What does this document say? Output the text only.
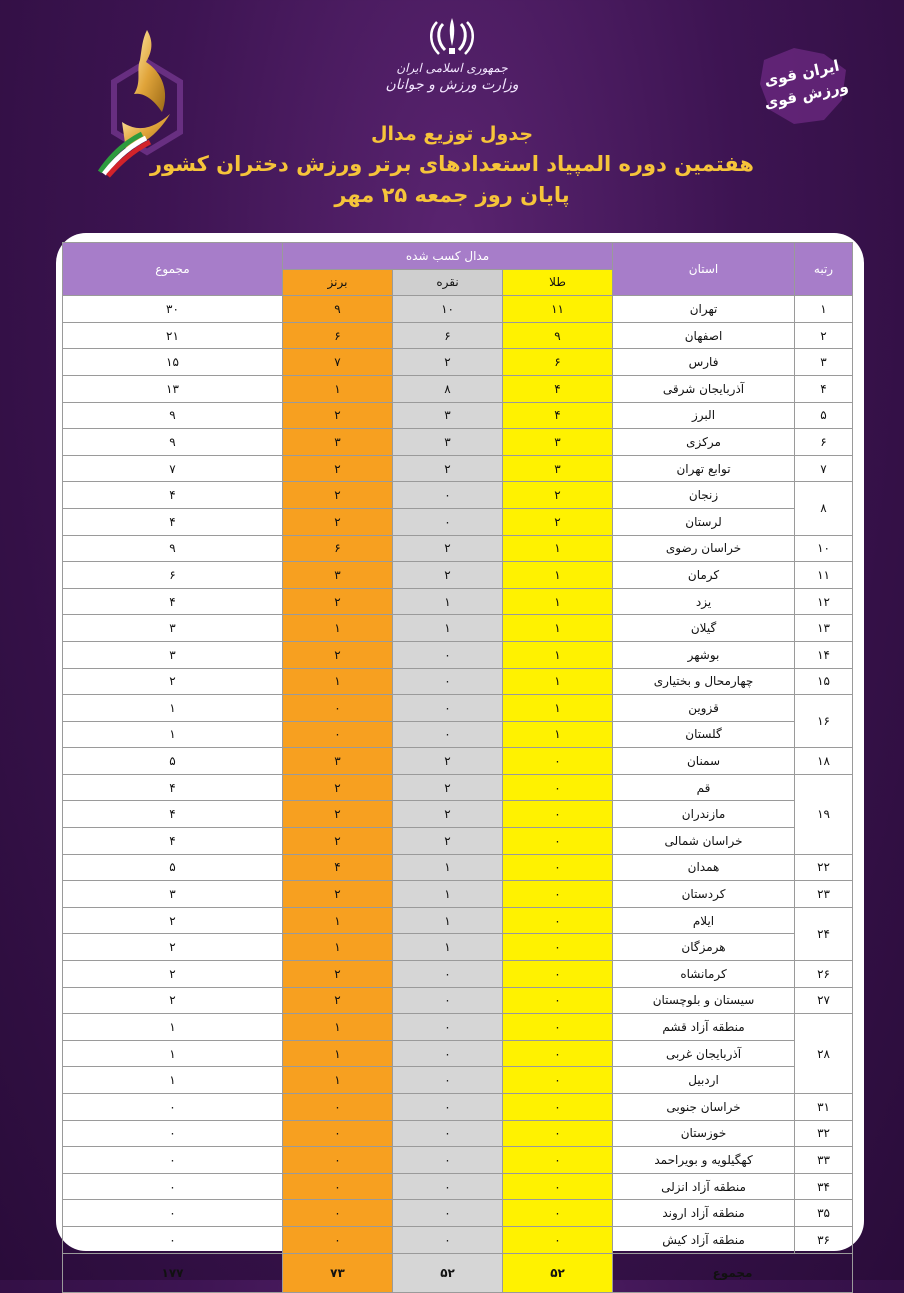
جمهوری اسلامی ایران
وزارت ورزش و جوانان	ایران قوی ورزش قوی
جدول توزیع مدال
هفتمین دوره المپیاد استعدادهای برتر ورزش دختران کشور
پایان روز جمعه ۲۵ مهر
رتبه	استان	مدال کسب شده			مجموع
		طلا	نقره	برنز	
۱	تهران	۱۱	۱۰	۹	۳۰
۲	اصفهان	۹	۶	۶	۲۱
۳	فارس	۶	۲	۷	۱۵
۴	آذربایجان شرقی	۴	۸	۱	۱۳
۵	البرز	۴	۳	۲	۹
۶	مرکزی	۳	۳	۳	۹
۷	توابع تهران	۳	۲	۲	۷
۸	زنجان	۲	۰	۲	۴
	لرستان	۲	۰	۲	۴
۱۰	خراسان رضوی	۱	۲	۶	۹
۱۱	کرمان	۱	۲	۳	۶
۱۲	یزد	۱	۱	۲	۴
۱۳	گیلان	۱	۱	۱	۳
۱۴	بوشهر	۱	۰	۲	۳
۱۵	چهارمحال و بختیاری	۱	۰	۱	۲
۱۶	قزوین	۱	۰	۰	۱
	گلستان	۱	۰	۰	۱
۱۸	سمنان	۰	۲	۳	۵
۱۹	قم	۰	۲	۲	۴
	مازندران	۰	۲	۲	۴
	خراسان شمالی	۰	۲	۲	۴
۲۲	همدان	۰	۱	۴	۵
۲۳	کردستان	۰	۱	۲	۳
۲۴	ایلام	۰	۱	۱	۲
	هرمزگان	۰	۱	۱	۲
۲۶	کرمانشاه	۰	۰	۲	۲
۲۷	سیستان و بلوچستان	۰	۰	۲	۲
۲۸	منطقه آزاد قشم	۰	۰	۱	۱
	آذربایجان غربی	۰	۰	۱	۱
	اردبیل	۰	۰	۱	۱
۳۱	خراسان جنوبی	۰	۰	۰	۰
۳۲	خوزستان	۰	۰	۰	۰
۳۳	کهگیلویه و بویراحمد	۰	۰	۰	۰
۳۴	منطقه آزاد انزلی	۰	۰	۰	۰
۳۵	منطقه آزاد اروند	۰	۰	۰	۰
۳۶	منطقه آزاد کیش	۰	۰	۰	۰
مجموع		۵۲	۵۲	۷۳	۱۷۷
